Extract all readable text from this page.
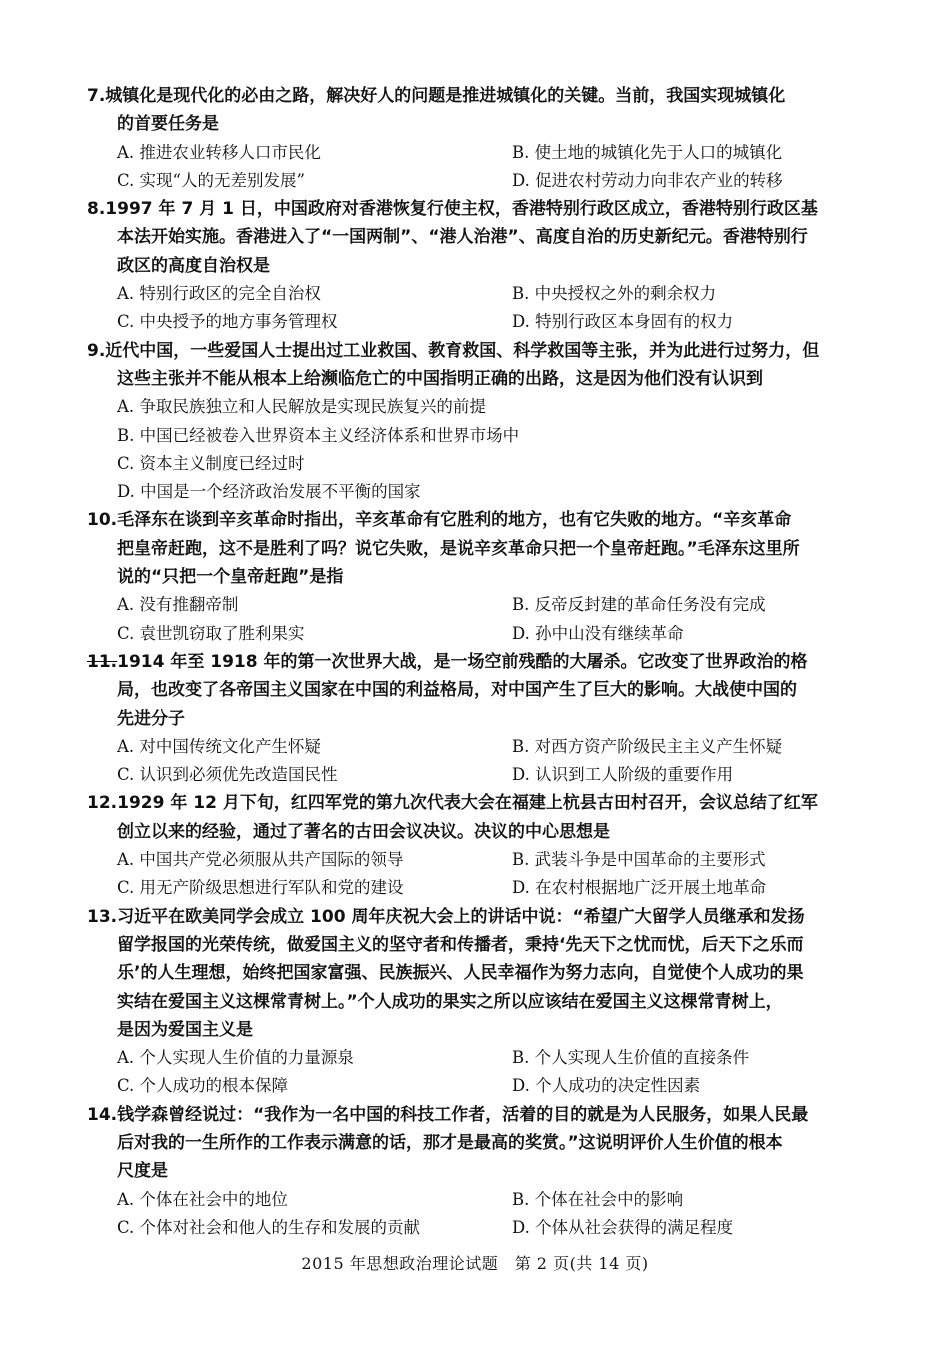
7.城镇化是现代化的必由之路，解决好人的问题是推进城镇化的关键。当前，我国实现城镇化

的首要任务是

A. 推进农业转移人口市民化	B. 使土地的城镇化先于人口的城镇化
C. 实现“人的无差别发展”	D. 促进农村劳动力向非农产业的转移

8.1997 年 7 月 1 日，中国政府对香港恢复行使主权，香港特别行政区成立，香港特别行政区基

本法开始实施。香港进入了“一国两制”、“港人治港”、高度自治的历史新纪元。香港特别行

政区的高度自治权是

A. 特别行政区的完全自治权	B. 中央授权之外的剩余权力
C. 中央授予的地方事务管理权	D. 特别行政区本身固有的权力

9.近代中国，一些爱国人士提出过工业救国、教育救国、科学救国等主张，并为此进行过努力，但

这些主张并不能从根本上给濒临危亡的中国指明正确的出路，这是因为他们没有认识到

A. 争取民族独立和人民解放是实现民族复兴的前提
B. 中国已经被卷入世界资本主义经济体系和世界市场中
C. 资本主义制度已经过时
D. 中国是一个经济政治发展不平衡的国家

10.毛泽东在谈到辛亥革命时指出，辛亥革命有它胜利的地方，也有它失败的地方。“辛亥革命

把皇帝赶跑，这不是胜利了吗？说它失败，是说辛亥革命只把一个皇帝赶跑。”毛泽东这里所

说的“只把一个皇帝赶跑”是指

A. 没有推翻帝制	B. 反帝反封建的革命任务没有完成
C. 袁世凯窃取了胜利果实	D. 孙中山没有继续革命

11.1914 年至 1918 年的第一次世界大战，是一场空前残酷的大屠杀。它改变了世界政治的格

局，也改变了各帝国主义国家在中国的利益格局，对中国产生了巨大的影响。大战使中国的

先进分子

A. 对中国传统文化产生怀疑	B. 对西方资产阶级民主主义产生怀疑
C. 认识到必须优先改造国民性	D. 认识到工人阶级的重要作用

12.1929 年 12 月下旬，红四军党的第九次代表大会在福建上杭县古田村召开，会议总结了红军

创立以来的经验，通过了著名的古田会议决议。决议的中心思想是

A. 中国共产党必须服从共产国际的领导	B. 武装斗争是中国革命的主要形式
C. 用无产阶级思想进行军队和党的建设	D. 在农村根据地广泛开展土地革命

13.习近平在欧美同学会成立 100 周年庆祝大会上的讲话中说：“希望广大留学人员继承和发扬

留学报国的光荣传统，做爱国主义的坚守者和传播者，秉持‘先天下之忧而忧，后天下之乐而

乐’的人生理想，始终把国家富强、民族振兴、人民幸福作为努力志向，自觉使个人成功的果

实结在爱国主义这棵常青树上。”个人成功的果实之所以应该结在爱国主义这棵常青树上，

是因为爱国主义是

A. 个人实现人生价值的力量源泉	B. 个人实现人生价值的直接条件
C. 个人成功的根本保障	D. 个人成功的决定性因素

14.钱学森曾经说过：“我作为一名中国的科技工作者，活着的目的就是为人民服务，如果人民最

后对我的一生所作的工作表示满意的话，那才是最高的奖赏。”这说明评价人生价值的根本

尺度是

A. 个体在社会中的地位	B. 个体在社会中的影响
C. 个体对社会和他人的生存和发展的贡献	D. 个体从社会获得的满足程度
2015 年思想政治理论试题　第 2 页(共 14 页)
